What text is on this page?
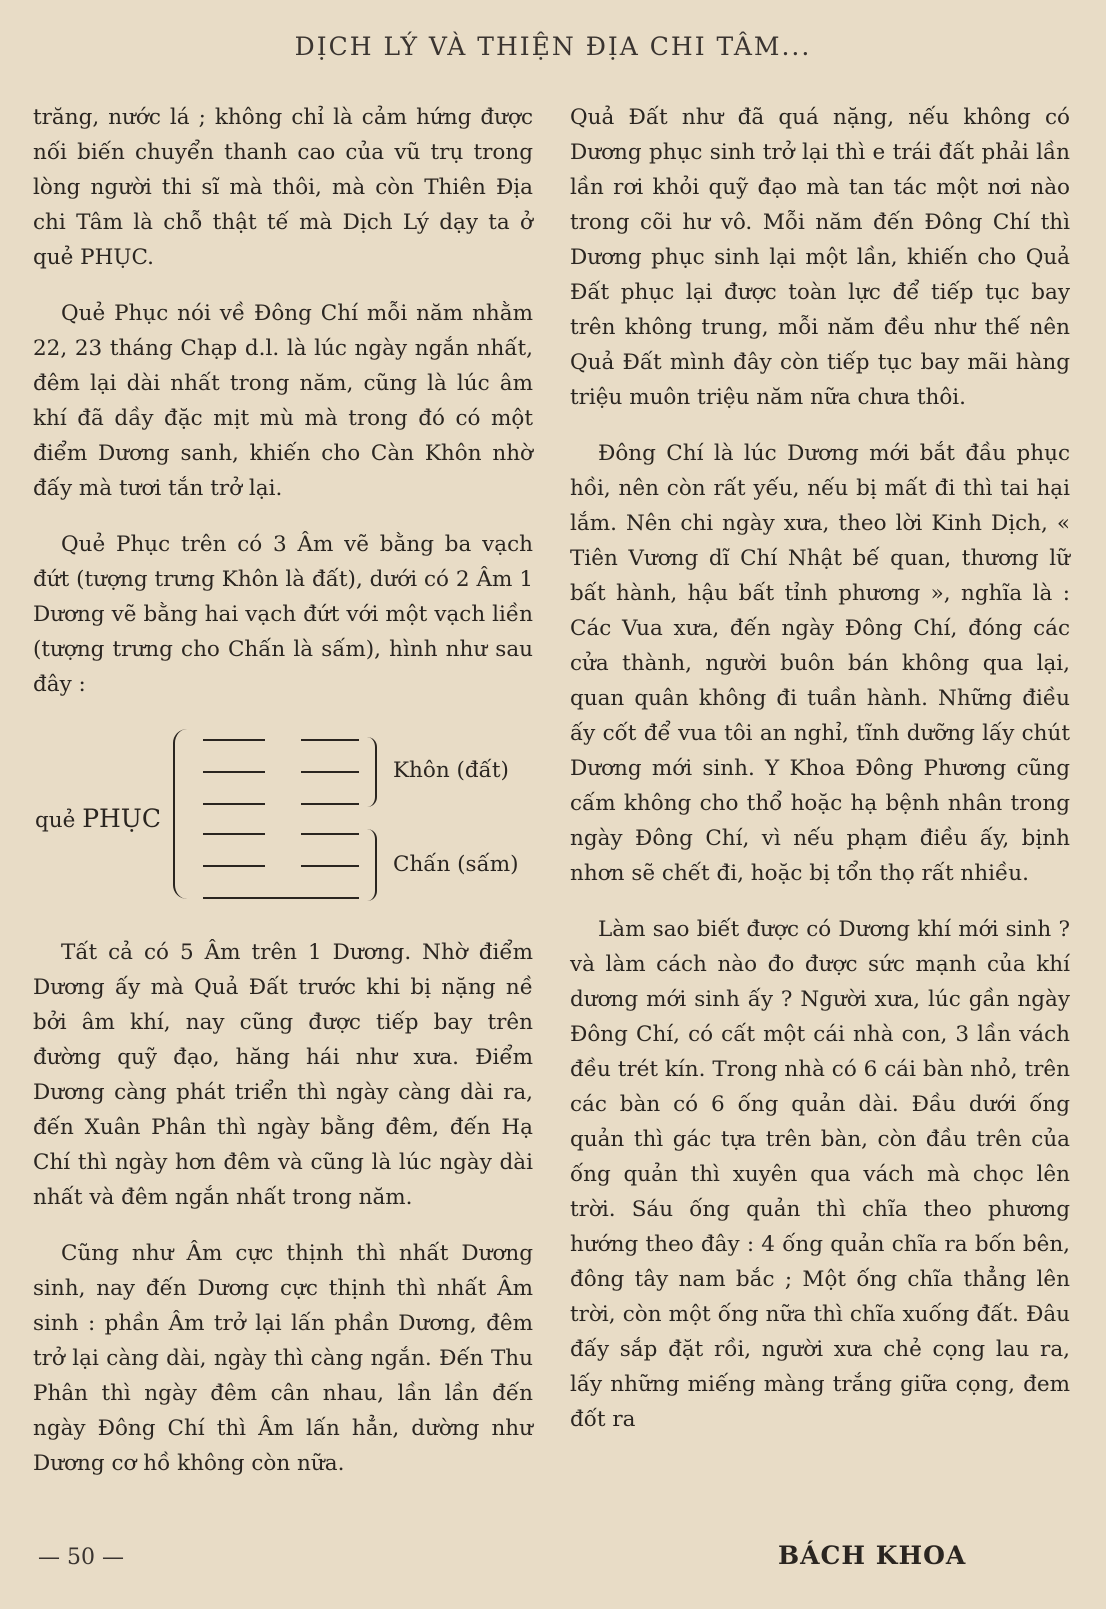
DỊCH LÝ VÀ THIỆN ĐỊA CHI TÂM...

trăng, nước lá ; không chỉ là cảm hứng được nối biến chuyển thanh cao của vũ trụ trong lòng người thi sĩ mà thôi, mà còn Thiên Địa chi Tâm là chỗ thật tế mà Dịch Lý dạy ta ở quẻ PHỤC.

Quẻ Phục nói về Đông Chí mỗi năm nhằm 22, 23 tháng Chạp d.l. là lúc ngày ngắn nhất, đêm lại dài nhất trong năm, cũng là lúc âm khí đã dầy đặc mịt mù mà trong đó có một điểm Dương sanh, khiến cho Càn Khôn nhờ đấy mà tươi tắn trở lại.

Quẻ Phục trên có 3 Âm vẽ bằng ba vạch đứt (tượng trưng Khôn là đất), dưới có 2 Âm 1 Dương vẽ bằng hai vạch đứt với một vạch liền (tượng trưng cho Chấn là sấm), hình như sau đây :

quẻ PHỤC
Khôn (đất)
Chấn (sấm)

Tất cả có 5 Âm trên 1 Dương. Nhờ điểm Dương ấy mà Quả Đất trước khi bị nặng nề bởi âm khí, nay cũng được tiếp bay trên đường quỹ đạo, hăng hái như xưa. Điểm Dương càng phát triển thì ngày càng dài ra, đến Xuân Phân thì ngày bằng đêm, đến Hạ Chí thì ngày hơn đêm và cũng là lúc ngày dài nhất và đêm ngắn nhất trong năm.

Cũng như Âm cực thịnh thì nhất Dương sinh, nay đến Dương cực thịnh thì nhất Âm sinh : phần Âm trở lại lấn phần Dương, đêm trở lại càng dài, ngày thì càng ngắn. Đến Thu Phân thì ngày đêm cân nhau, lần lần đến ngày Đông Chí thì Âm lấn hẳn, dường như Dương cơ hồ không còn nữa.

Quả Đất như đã quá nặng, nếu không có Dương phục sinh trở lại thì e trái đất phải lần lần rơi khỏi quỹ đạo mà tan tác một nơi nào trong cõi hư vô. Mỗi năm đến Đông Chí thì Dương phục sinh lại một lần, khiến cho Quả Đất phục lại được toàn lực để tiếp tục bay trên không trung, mỗi năm đều như thế nên Quả Đất mình đây còn tiếp tục bay mãi hàng triệu muôn triệu năm nữa chưa thôi.

Đông Chí là lúc Dương mới bắt đầu phục hồi, nên còn rất yếu, nếu bị mất đi thì tai hại lắm. Nên chi ngày xưa, theo lời Kinh Dịch, « Tiên Vương dĩ Chí Nhật bế quan, thương lữ bất hành, hậu bất tỉnh phương », nghĩa là : Các Vua xưa, đến ngày Đông Chí, đóng các cửa thành, người buôn bán không qua lại, quan quân không đi tuần hành. Những điều ấy cốt để vua tôi an nghỉ, tĩnh dưỡng lấy chút Dương mới sinh. Y Khoa Đông Phương cũng cấm không cho thổ hoặc hạ bệnh nhân trong ngày Đông Chí, vì nếu phạm điều ấy, bịnh nhơn sẽ chết đi, hoặc bị tổn thọ rất nhiều.

Làm sao biết được có Dương khí mới sinh ? và làm cách nào đo được sức mạnh của khí dương mới sinh ấy ? Người xưa, lúc gần ngày Đông Chí, có cất một cái nhà con, 3 lần vách đều trét kín. Trong nhà có 6 cái bàn nhỏ, trên các bàn có 6 ống quản dài. Đầu dưới ống quản thì gác tựa trên bàn, còn đầu trên của ống quản thì xuyên qua vách mà chọc lên trời. Sáu ống quản thì chĩa theo phương hướng theo đây : 4 ống quản chĩa ra bốn bên, đông tây nam bắc ; Một ống chĩa thẳng lên trời, còn một ống nữa thì chĩa xuống đất. Đâu đấy sắp đặt rồi, người xưa chẻ cọng lau ra, lấy những miếng màng trắng giữa cọng, đem đốt ra

— 50 —	BÁCH KHOA
